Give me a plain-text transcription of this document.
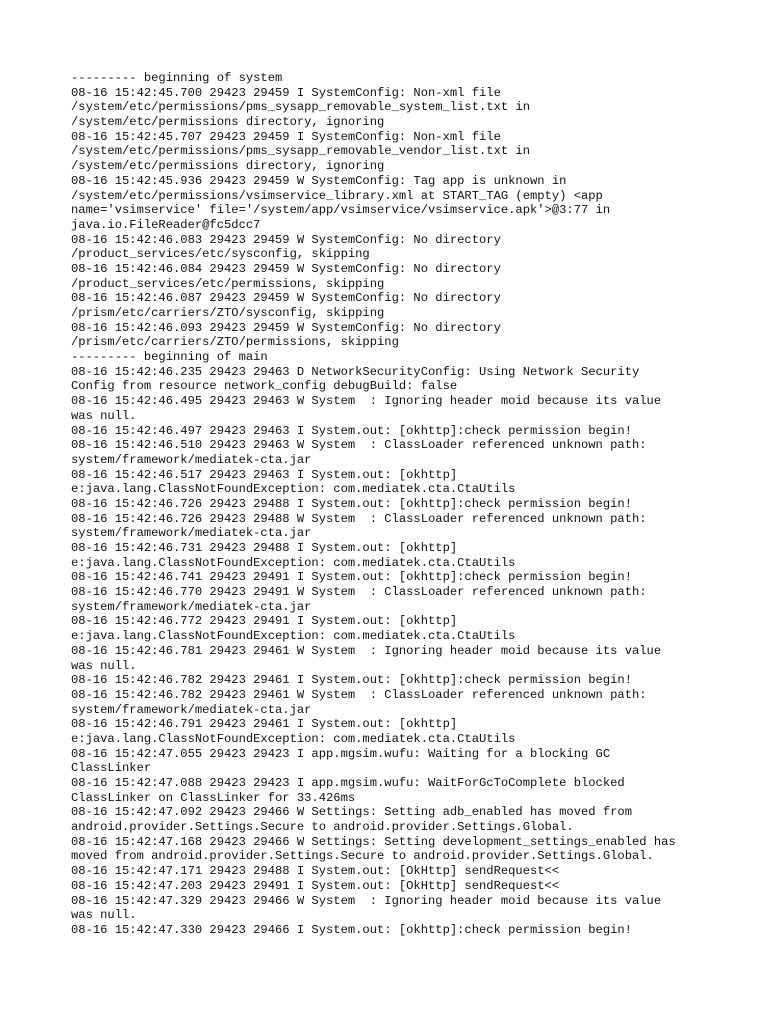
--------- beginning of system
08-16 15:42:45.700 29423 29459 I SystemConfig: Non-xml file
/system/etc/permissions/pms_sysapp_removable_system_list.txt in
/system/etc/permissions directory, ignoring
08-16 15:42:45.707 29423 29459 I SystemConfig: Non-xml file
/system/etc/permissions/pms_sysapp_removable_vendor_list.txt in
/system/etc/permissions directory, ignoring
08-16 15:42:45.936 29423 29459 W SystemConfig: Tag app is unknown in
/system/etc/permissions/vsimservice_library.xml at START_TAG (empty) <app
name='vsimservice' file='/system/app/vsimservice/vsimservice.apk'>@3:77 in
java.io.FileReader@fc5dcc7
08-16 15:42:46.083 29423 29459 W SystemConfig: No directory
/product_services/etc/sysconfig, skipping
08-16 15:42:46.084 29423 29459 W SystemConfig: No directory
/product_services/etc/permissions, skipping
08-16 15:42:46.087 29423 29459 W SystemConfig: No directory
/prism/etc/carriers/ZTO/sysconfig, skipping
08-16 15:42:46.093 29423 29459 W SystemConfig: No directory
/prism/etc/carriers/ZTO/permissions, skipping
--------- beginning of main
08-16 15:42:46.235 29423 29463 D NetworkSecurityConfig: Using Network Security
Config from resource network_config debugBuild: false
08-16 15:42:46.495 29423 29463 W System  : Ignoring header moid because its value
was null.
08-16 15:42:46.497 29423 29463 I System.out: [okhttp]:check permission begin!
08-16 15:42:46.510 29423 29463 W System  : ClassLoader referenced unknown path:
system/framework/mediatek-cta.jar
08-16 15:42:46.517 29423 29463 I System.out: [okhttp]
e:java.lang.ClassNotFoundException: com.mediatek.cta.CtaUtils
08-16 15:42:46.726 29423 29488 I System.out: [okhttp]:check permission begin!
08-16 15:42:46.726 29423 29488 W System  : ClassLoader referenced unknown path:
system/framework/mediatek-cta.jar
08-16 15:42:46.731 29423 29488 I System.out: [okhttp]
e:java.lang.ClassNotFoundException: com.mediatek.cta.CtaUtils
08-16 15:42:46.741 29423 29491 I System.out: [okhttp]:check permission begin!
08-16 15:42:46.770 29423 29491 W System  : ClassLoader referenced unknown path:
system/framework/mediatek-cta.jar
08-16 15:42:46.772 29423 29491 I System.out: [okhttp]
e:java.lang.ClassNotFoundException: com.mediatek.cta.CtaUtils
08-16 15:42:46.781 29423 29461 W System  : Ignoring header moid because its value
was null.
08-16 15:42:46.782 29423 29461 I System.out: [okhttp]:check permission begin!
08-16 15:42:46.782 29423 29461 W System  : ClassLoader referenced unknown path:
system/framework/mediatek-cta.jar
08-16 15:42:46.791 29423 29461 I System.out: [okhttp]
e:java.lang.ClassNotFoundException: com.mediatek.cta.CtaUtils
08-16 15:42:47.055 29423 29423 I app.mgsim.wufu: Waiting for a blocking GC
ClassLinker
08-16 15:42:47.088 29423 29423 I app.mgsim.wufu: WaitForGcToComplete blocked
ClassLinker on ClassLinker for 33.426ms
08-16 15:42:47.092 29423 29466 W Settings: Setting adb_enabled has moved from
android.provider.Settings.Secure to android.provider.Settings.Global.
08-16 15:42:47.168 29423 29466 W Settings: Setting development_settings_enabled has
moved from android.provider.Settings.Secure to android.provider.Settings.Global.
08-16 15:42:47.171 29423 29488 I System.out: [OkHttp] sendRequest<<
08-16 15:42:47.203 29423 29491 I System.out: [OkHttp] sendRequest<<
08-16 15:42:47.329 29423 29466 W System  : Ignoring header moid because its value
was null.
08-16 15:42:47.330 29423 29466 I System.out: [okhttp]:check permission begin!
